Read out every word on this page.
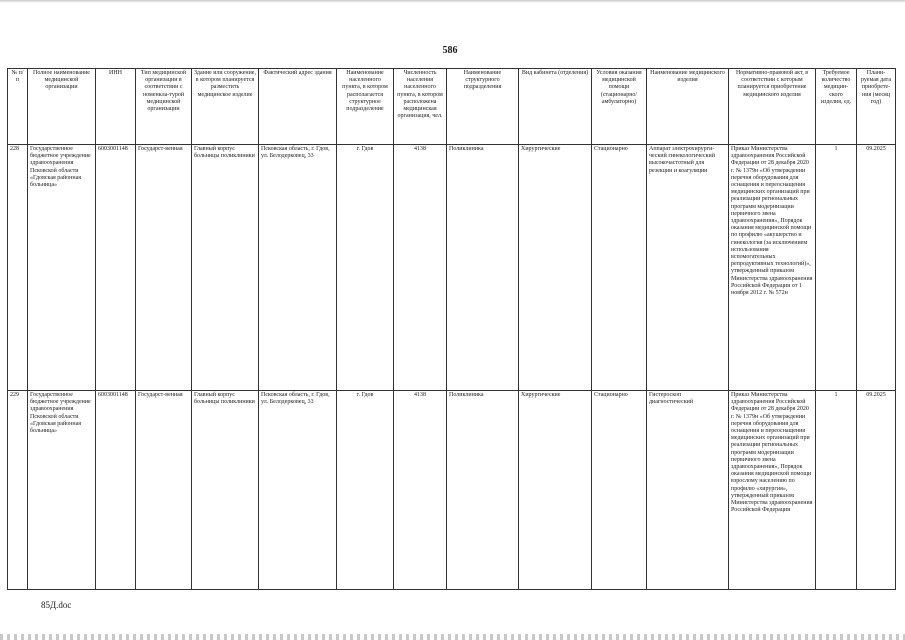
586
№ п/п	Полное наименование медицинской организации	ИНН	Тип медицинской организации в соответствии с номенкла-турой медицинской организации	Здание или сооружение, в котором планируется разместить медицинское изделие	Фактический адрес здания	Наименование населенного пункта, в котором располагается структурное подразделение	Численность населения населенного пункта, в котором расположена медицинская организация, чел.	Наименование структурного подразделения	Вид кабинета (отделения)	Условия оказания медицинской помощи (стационарно/амбулаторно)	Наименование медицинского изделия	Нормативно-правовой акт, в соответствии с которым планируется приобретение медицинского изделия	Требуемое количество медицин-ского изделия, ед.	Плани-руемая дата приобрете-ния (месяц год)
228	Государственное бюджетное учреждение здравоохранения Псковской области «Гдовская районная больница»	6003001148	Государст-венная	Главный корпус больницы поликлиники	Псковская область, г. Гдов, ул. Белодерковец, 33	г. Гдов	4138	Поликлиника	Хирургические	Стационарно	Аппарат электрохирурги-ческий гинекологический высокочастотный для резекции и коагуляции	Приказ Министерства здравоохранения Российской Федерации от 28 декабря 2020 г. № 1379н «Об утверждении перечня оборудования для оснащения и переоснащения медицинских организаций при реализации региональных программ модернизации первичного звена здравоохранения», Порядок оказания медицинской помощи по профилю «акушерство и гинекология (за исключением использования вспомогательных репродуктивных технологий)», утвержденный приказом Министерства здравоохранения Российской Федерации от 1 ноября 2012 г. № 572н	1	09.2025
229	Государственное бюджетное учреждение здравоохранения Псковской области «Гдовская районная больница»	6003001148	Государст-венная	Главный корпус больницы поликлиники	Псковская область, г. Гдов, ул. Белодерковец, 33	г. Гдов	4138	Поликлиника	Хирургические	Стационарно	Гистероскоп диагностический	Приказ Министерства здравоохранения Российской Федерации от 28 декабря 2020 г. № 1379н «Об утверждении перечня оборудования для оснащения и переоснащения медицинских организаций при реализации региональных программ модернизации первичного звена здравоохранения», Порядок оказания медицинской помощи взрослому населению по профилю «хирургия», утвержденный приказом Министерства здравоохранения Российской Федерации	1	09.2025
85Д.doc
